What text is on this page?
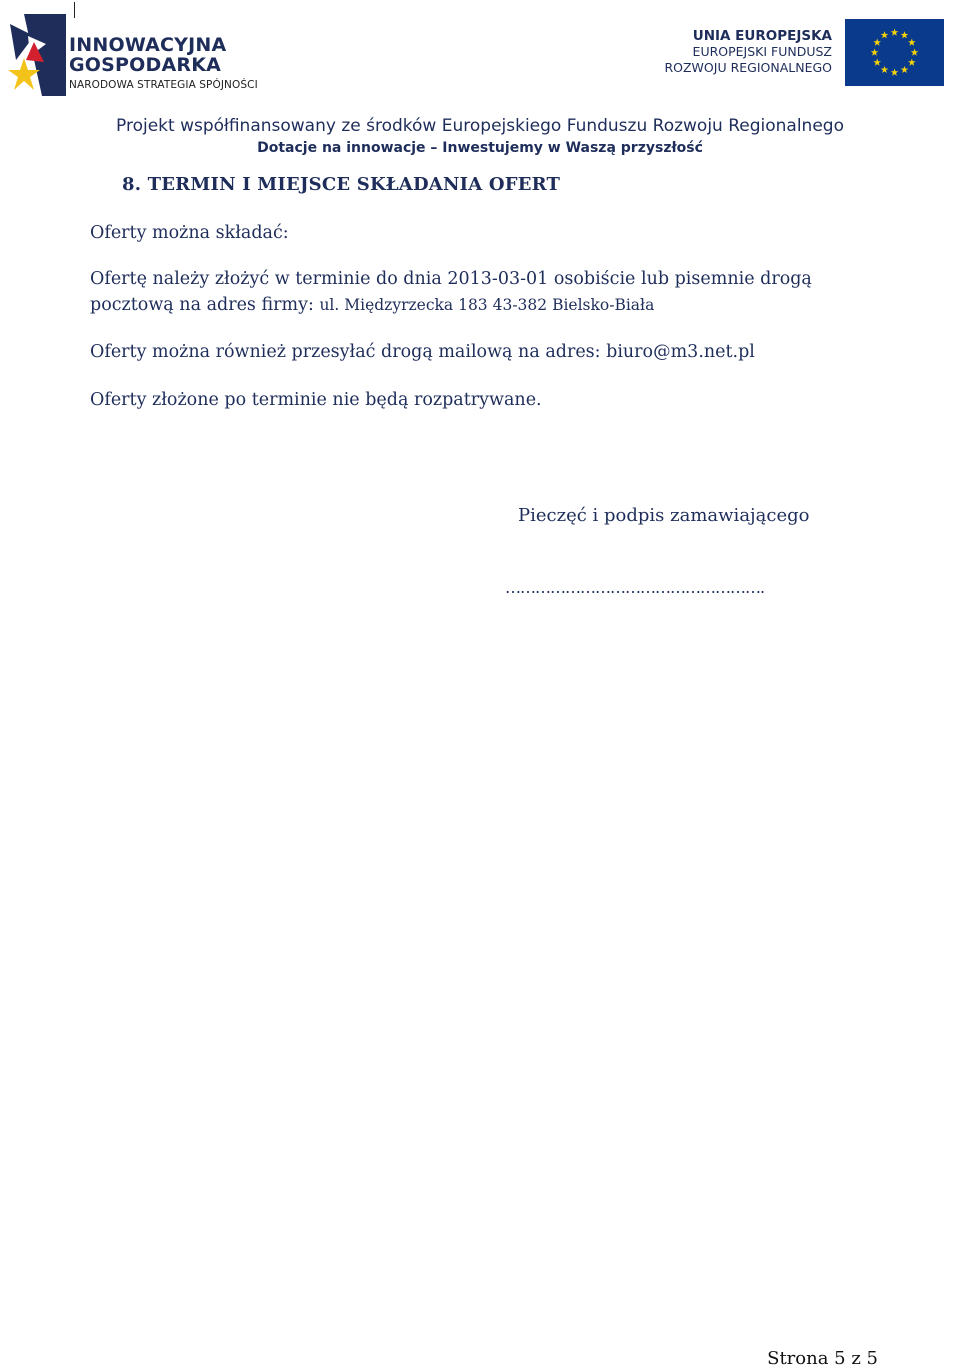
INNOWACYJNA
GOSPODARKA
NARODOWA STRATEGIA SPÓJNOŚCI
UNIA EUROPEJSKA
EUROPEJSKI FUNDUSZ
ROZWOJU REGIONALNEGO
Projekt współfinansowany ze środków Europejskiego Funduszu Rozwoju Regionalnego
Dotacje na innowacje – Inwestujemy w Waszą przyszłość
8. TERMIN I MIEJSCE SKŁADANIA OFERT
Oferty można składać:
Ofertę należy złożyć w terminie do dnia 2013-03-01 osobiście lub pisemnie drogą
pocztową na adres firmy: ul. Międzyrzecka 183 43-382 Bielsko-Biała
Oferty można również przesyłać drogą mailową na adres: biuro@m3.net.pl
Oferty złożone po terminie nie będą rozpatrywane.
Pieczęć i podpis zamawiającego
…………………………………………….
Strona 5 z 5
